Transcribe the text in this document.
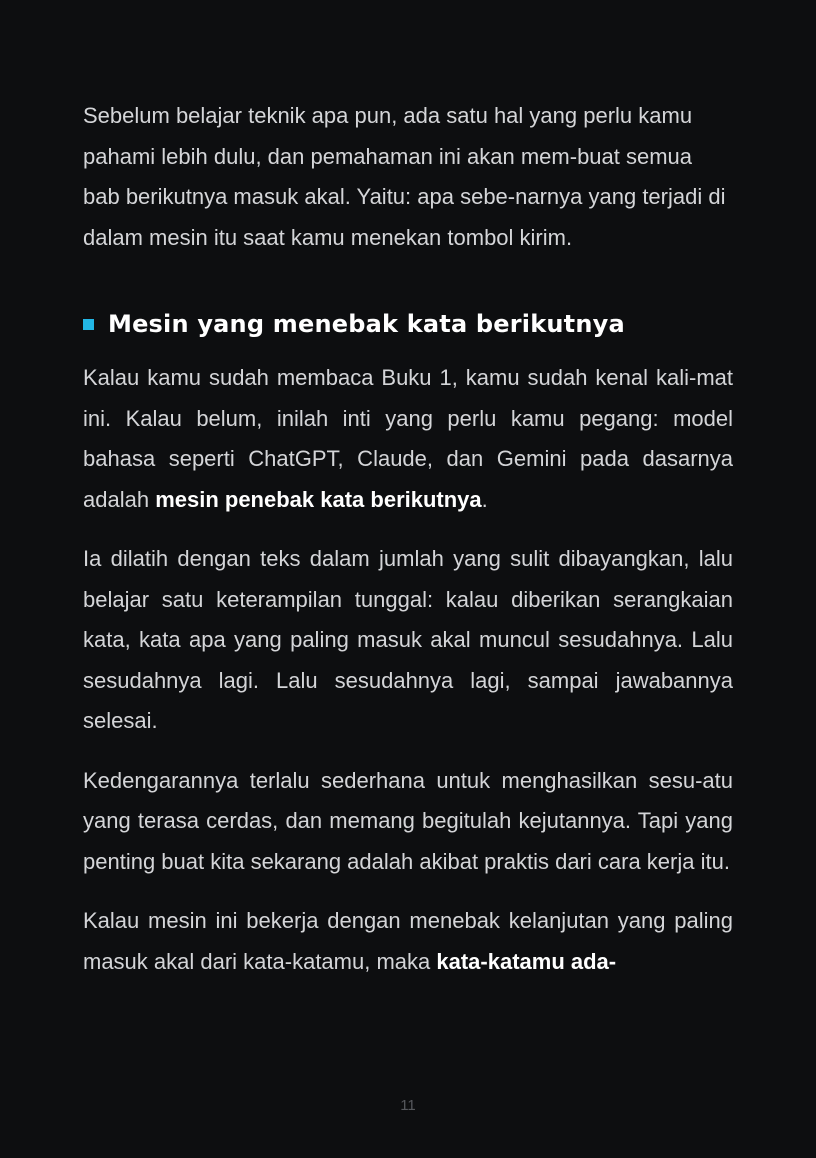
Sebelum belajar teknik apa pun, ada satu hal yang perlu kamu pahami lebih dulu, dan pemahaman ini akan mem-buat semua bab berikutnya masuk akal. Yaitu: apa sebe-narnya yang terjadi di dalam mesin itu saat kamu menekan tombol kirim.

Mesin yang menebak kata berikutnya

Kalau kamu sudah membaca Buku 1, kamu sudah kenal kali-mat ini. Kalau belum, inilah inti yang perlu kamu pegang: model bahasa seperti ChatGPT, Claude, dan Gemini pada dasarnya adalah mesin penebak kata berikutnya.

Ia dilatih dengan teks dalam jumlah yang sulit dibayangkan, lalu belajar satu keterampilan tunggal: kalau diberikan serangkaian kata, kata apa yang paling masuk akal muncul sesudahnya. Lalu sesudahnya lagi. Lalu sesudahnya lagi, sampai jawabannya selesai.

Kedengarannya terlalu sederhana untuk menghasilkan sesu-atu yang terasa cerdas, dan memang begitulah kejutannya. Tapi yang penting buat kita sekarang adalah akibat praktis dari cara kerja itu.

Kalau mesin ini bekerja dengan menebak kelanjutan yang paling masuk akal dari kata-katamu, maka kata-katamu ada-

11
